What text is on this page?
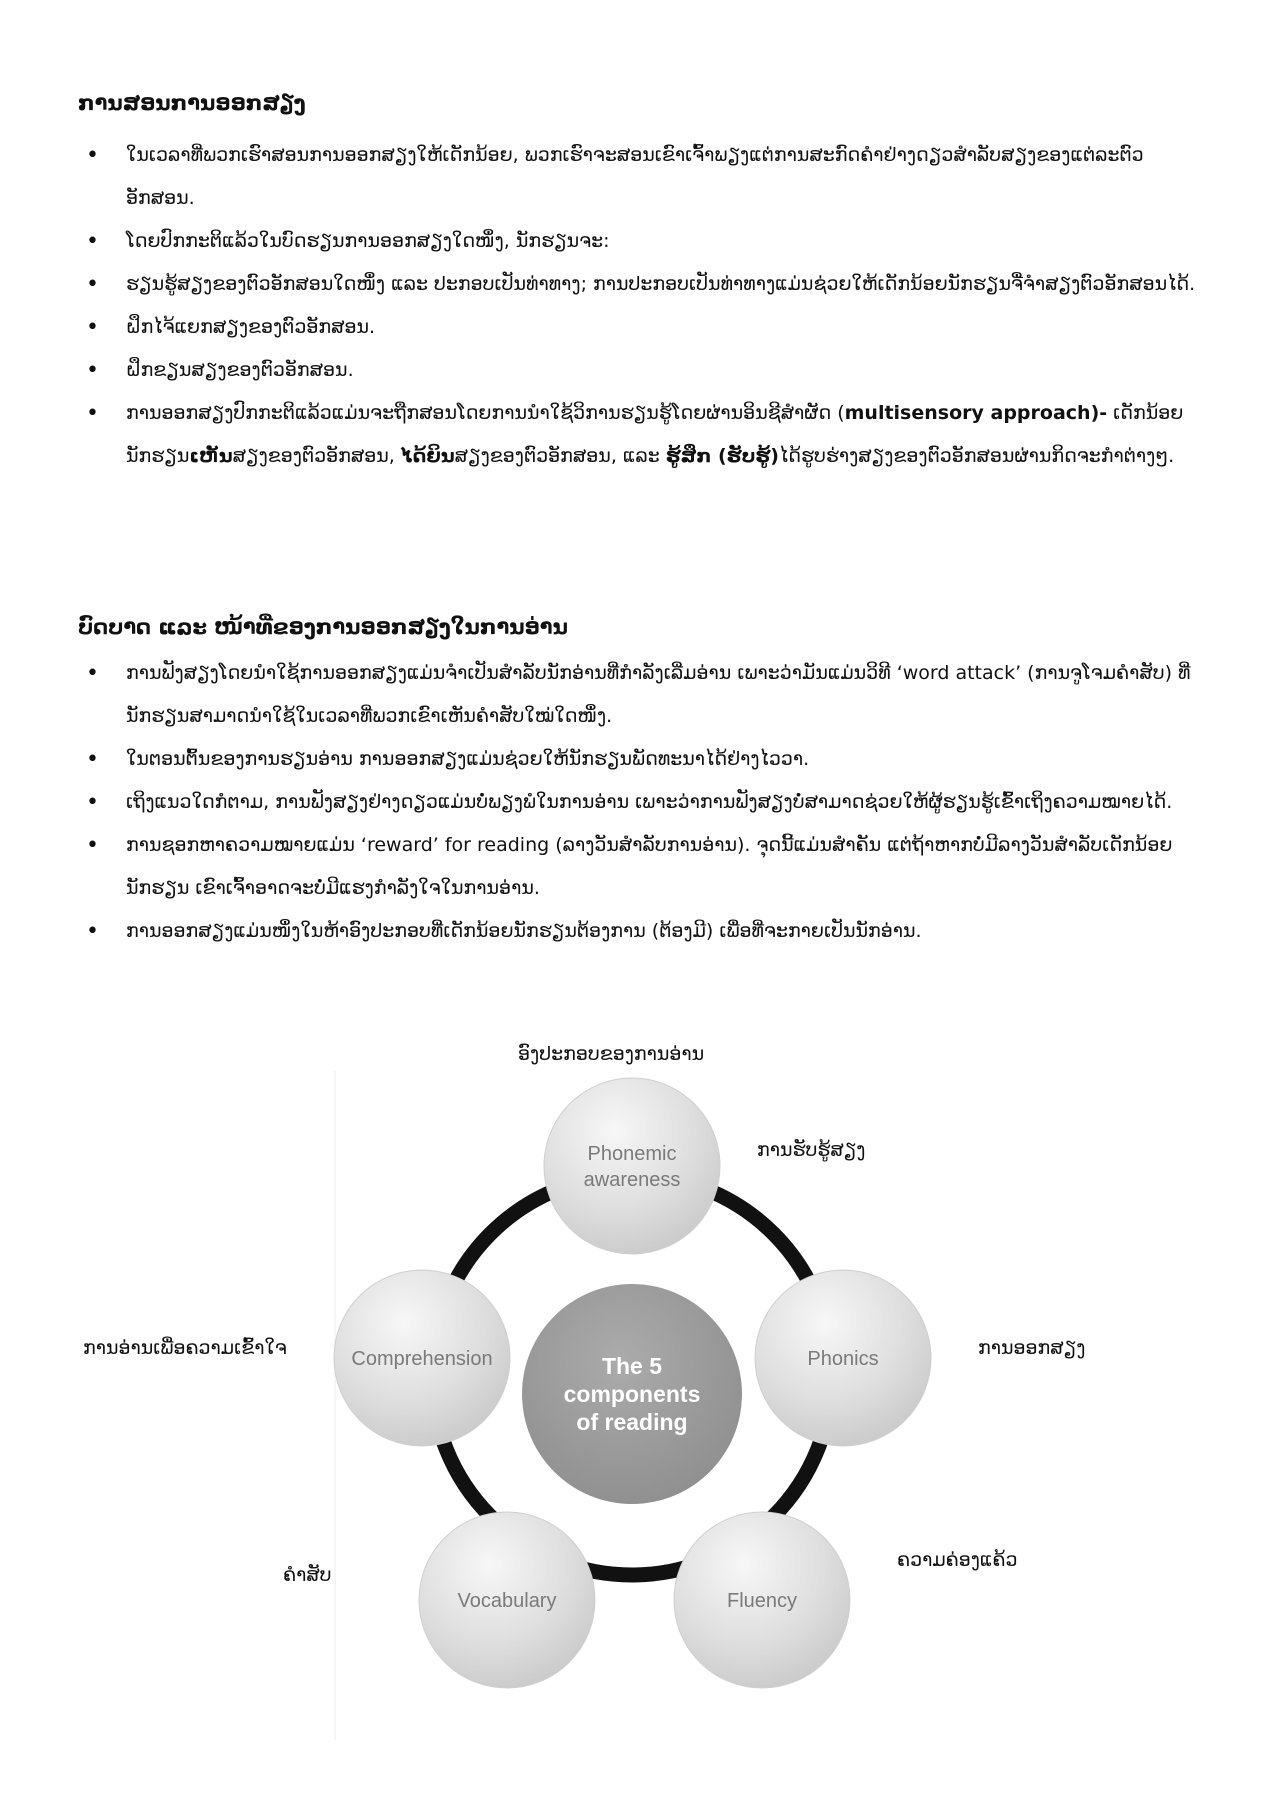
ການສອນການອອກສຽງ
• ໃນເວລາທີ່ພວກເຮົາສອນການອອກສຽງໃຫ້ເດັກນ້ອຍ, ພວກເຮົາຈະສອນເຂົາເຈົ້າພຽງແຕ່ການສະກົດຄໍາຢ່າງດຽວສໍາລັບສຽງຂອງແຕ່ລະຕົວອັກສອນ.
• ໂດຍປົກກະຕິແລ້ວໃນບົດຮຽນການອອກສຽງໃດໜຶ່ງ, ນັກຮຽນຈະ:
• ຮຽນຮູ້ສຽງຂອງຕົວອັກສອນໃດໜຶ່ງ ແລະ ປະກອບເປັນທ່າທາງ; ການປະກອບເປັນທ່າທາງແມ່ນຊ່ວຍໃຫ້ເດັກນ້ອຍນັກຮຽນຈື່ຈໍາສຽງຕົວອັກສອນໄດ້.
• ຝຶກໄຈ້ແຍກສຽງຂອງຕົວອັກສອນ.
• ຝຶກຂຽນສຽງຂອງຕົວອັກສອນ.
• ການອອກສຽງປົກກະຕິແລ້ວແມ່ນຈະຖືກສອນໂດຍການນໍາໃຊ້ວິການຮຽນຮູ້ໂດຍຜ່ານອິນຊີສໍາຜັດ (multisensory approach)- ເດັກນ້ອຍນັກຮຽນເຫັນສຽງຂອງຕົວອັກສອນ, ໄດ້ຍິນສຽງຂອງຕົວອັກສອນ, ແລະ ຮູ້ສຶກ (ຮັບຮູ້)ໄດ້ຮູບຮ່າງສຽງຂອງຕົວອັກສອນຜ່ານກິດຈະກໍາຕ່າງໆ.
ບົດບາດ ແລະ ໜ້າທີ່ຂອງການອອກສຽງໃນການອ່ານ
• ການຟັງສຽງໂດຍນໍາໃຊ້ການອອກສຽງແມ່ນຈໍາເປັນສໍາລັບນັກອ່ານທີ່ກໍາລັງເລີ່ມອ່ານ ເພາະວ່າມັນແມ່ນວິທີ ‘word attack’ (ການຈູໂຈມຄໍາສັບ) ທີ່ນັກຮຽນສາມາດນໍາໃຊ້ໃນເວລາທີ່ພວກເຂົາເຫັນຄໍາສັບໃໝ່ໃດໜຶ່ງ.
• ໃນຕອນຕົ້ນຂອງການຮຽນອ່ານ ການອອກສຽງແມ່ນຊ່ວຍໃຫ້ນັກຮຽນພັດທະນາໄດ້ຢ່າງໄວວາ.
• ເຖິງແນວໃດກໍຕາມ, ການຟັງສຽງຢ່າງດຽວແມ່ນບໍ່ພຽງພໍໃນການອ່ານ ເພາະວ່າການຟັງສຽງບໍ່ສາມາດຊ່ວຍໃຫ້ຜູ້ຮຽນຮູ້ເຂົ້າເຖິງຄວາມໝາຍໄດ້.
• ການຊອກຫາຄວາມໝາຍແມ່ນ ‘reward’ for reading (ລາງວັນສໍາລັບການອ່ານ). ຈຸດນີ້ແມ່ນສໍາຄັນ ແຕ່ຖ້າຫາກບໍ່ມີລາງວັນສໍາລັບເດັກນ້ອຍນັກຮຽນ ເຂົາເຈົ້າອາດຈະບໍ່ມີແຮງກໍາລັງໃຈໃນການອ່ານ.
• ການອອກສຽງແມ່ນໜຶ່ງໃນຫ້າອົງປະກອບທີ່ເດັກນ້ອຍນັກຮຽນຕ້ອງການ (ຕ້ອງມີ) ເພື່ອທີ່ຈະກາຍເປັນນັກອ່ານ.
ອົງປະກອບຂອງການອ່ານ
The 5
components
of reading
Phonemic
awareness
Phonics
Fluency
Vocabulary
Comprehension
ການຮັບຮູ້ສຽງ
ການອອກສຽງ
ຄວາມຄ່ອງແຄ້ວ
ຄໍາສັບ
ການອ່ານເພື່ອຄວາມເຂົ້າໃຈ
